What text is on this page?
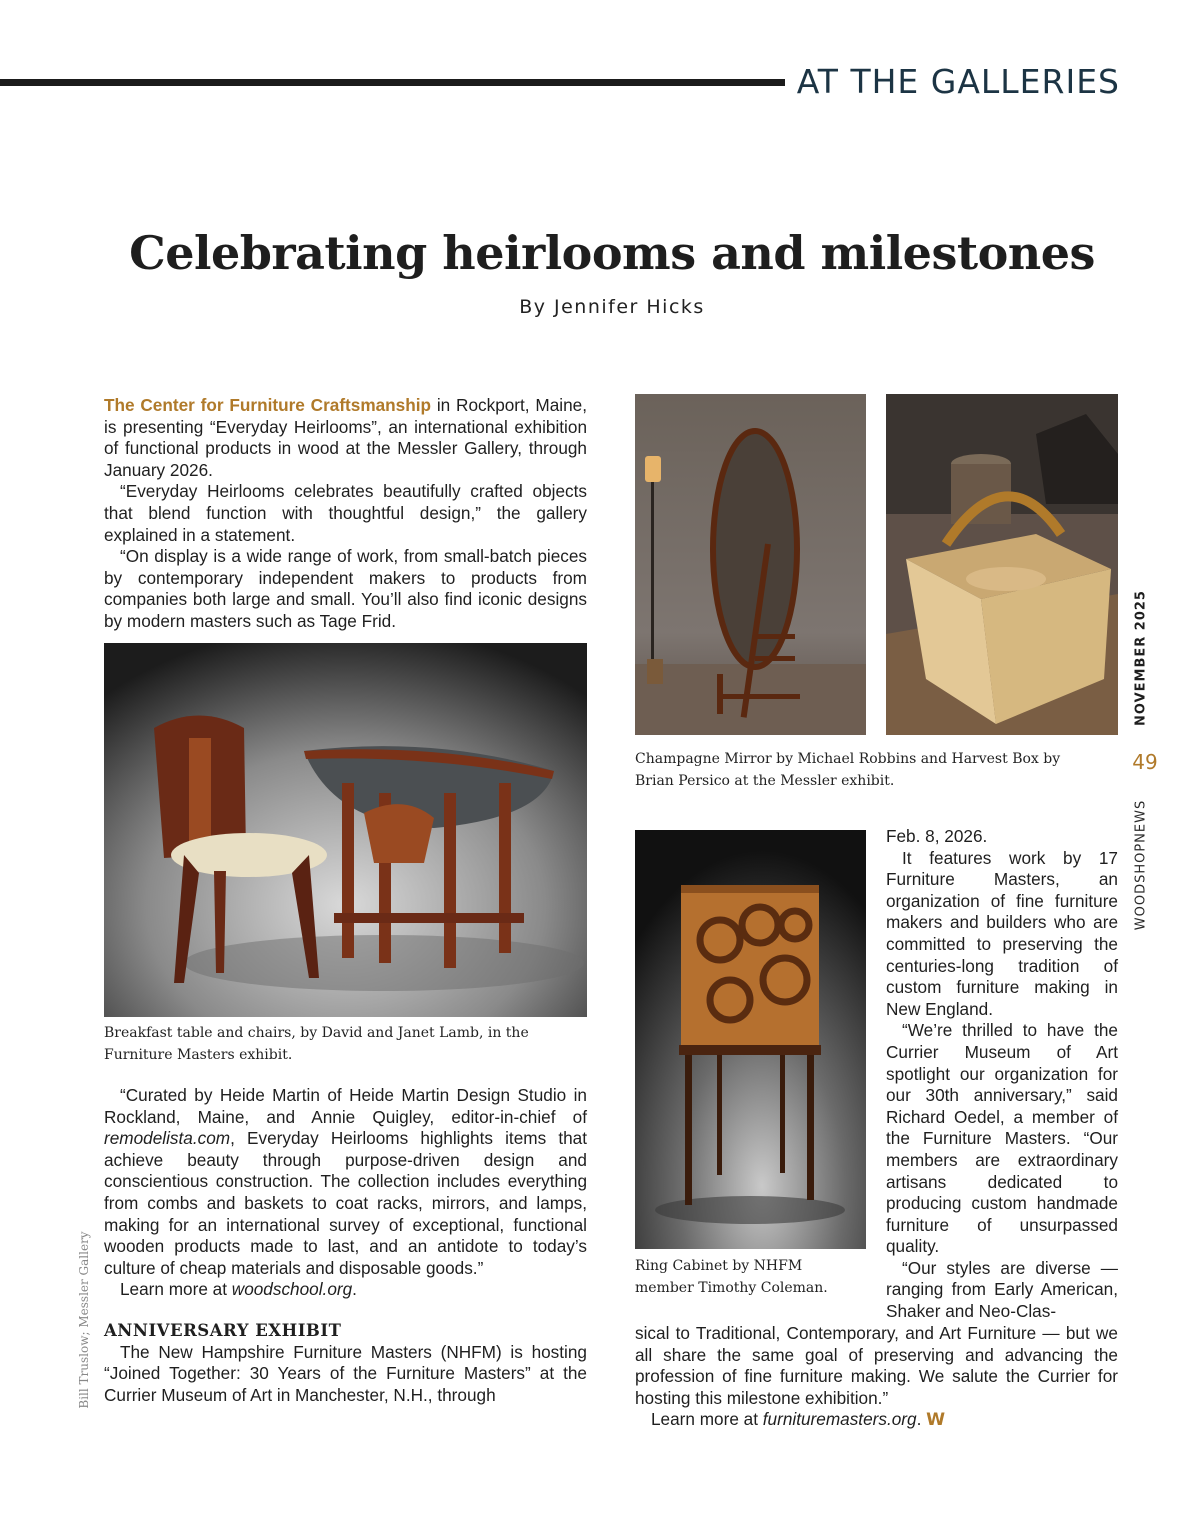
AT THE GALLERIES
Celebrating heirlooms and milestones
By Jennifer Hicks

The Center for Furniture Craftsmanship in Rockport, Maine, is presenting “Everyday Heirlooms”, an international exhibition of functional products in wood at the Messler Gallery, through January 2026.

“Everyday Heirlooms celebrates beautifully crafted objects that blend function with thoughtful design,” the gallery explained in a statement.

“On display is a wide range of work, from small-batch pieces by contemporary independent makers to products from companies both large and small. You’ll also find iconic designs by modern masters such as Tage Frid.

Breakfast table and chairs, by David and Janet Lamb, in the Furniture Masters exhibit.

“Curated by Heide Martin of Heide Martin Design Studio in Rockland, Maine, and Annie Quigley, editor-in-chief of remodelista.com, Everyday Heirlooms highlights items that achieve beauty through purpose-driven design and conscientious construction. The collection includes everything from combs and baskets to coat racks, mirrors, and lamps, making for an international survey of exceptional, functional wooden products made to last, and an antidote to today’s culture of cheap materials and disposable goods.”

Learn more at woodschool.org.

ANNIVERSARY EXHIBIT

The New Hampshire Furniture Masters (NHFM) is hosting “Joined Together: 30 Years of the Furniture Masters” at the Currier Museum of Art in Manchester, N.H., through

Champagne Mirror by Michael Robbins and Harvest Box by Brian Persico at the Messler exhibit.
Ring Cabinet by NHFM member Timothy Coleman.

Feb. 8, 2026.

It features work by 17 Furniture Masters, an organization of fine furniture makers and builders who are committed to preserving the centuries-long tradition of custom furniture making in New England.

“We’re thrilled to have the Currier Museum of Art spotlight our organization for our 30th anniversary,” said Richard Oedel, a member of the Furniture Masters. “Our members are extraordinary artisans dedicated to producing custom handmade furniture of unsurpassed quality.

“Our styles are diverse — ranging from Early American, Shaker and Neo-Clas-

sical to Traditional, Contemporary, and Art Furniture — but we all share the same goal of preserving and advancing the profession of fine furniture making. We salute the Currier for hosting this milestone exhibition.”

Learn more at furnituremasters.org. W

NOVEMBER 2025
49
WOODSHOPNEWS
Bill Truslow; Messler Gallery
